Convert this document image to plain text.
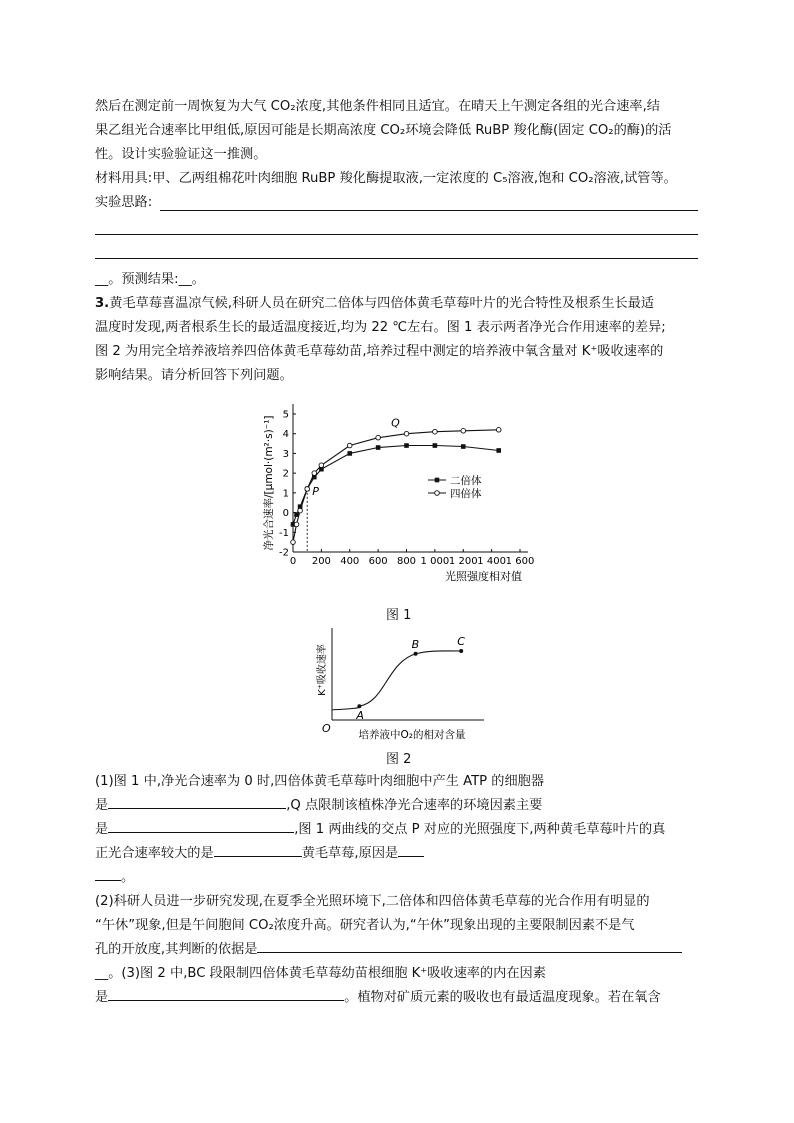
然后在测定前一周恢复为大气 CO₂浓度,其他条件相同且适宜。在晴天上午测定各组的光合速率,结
果乙组光合速率比甲组低,原因可能是长期高浓度 CO₂环境会降低 RuBP 羧化酶(固定 CO₂的酶)的活
性。设计实验验证这一推测。
材料用具:甲、乙两组棉花叶肉细胞 RuBP 羧化酶提取液,一定浓度的 C₅溶液,饱和 CO₂溶液,试管等。
实验思路:
__。预测结果:__。
3.黄毛草莓喜温凉气候,科研人员在研究二倍体与四倍体黄毛草莓叶片的光合特性及根系生长最适
温度时发现,两者根系生长的最适温度接近,均为 22 ℃左右。图 1 表示两者净光合作用速率的差异;
图 2 为用完全培养液培养四倍体黄毛草莓幼苗,培养过程中测定的培养液中氧含量对 K⁺吸收速率的
影响结果。请分析回答下列问题。
-2
-1
0
1
2
3
4
5
0 200 400 600 800 1 000 1 200 1 400 1 600
光照强度相对值
净光合速率/[μmol·(m²·s)⁻¹]	二倍体
四倍体
Q
P
图 1
K⁺吸收速率
培养液中O₂的相对含量
O
A
B	C
图 2
(1)图 1 中,净光合速率为 0 时,四倍体黄毛草莓叶肉细胞中产生 ATP 的细胞器
是	,Q 点限制该植株净光合速率的环境因素主要
是	,图 1 两曲线的交点 P 对应的光照强度下,两种黄毛草莓叶片的真
正光合速率较大的是	黄毛草莓,原因是
。
(2)科研人员进一步研究发现,在夏季全光照环境下,二倍体和四倍体黄毛草莓的光合作用有明显的
“午休”现象,但是午间胞间 CO₂浓度升高。研究者认为,“午休”现象出现的主要限制因素不是气
孔的开放度,其判断的依据是
__。(3)图 2 中,BC 段限制四倍体黄毛草莓幼苗根细胞 K⁺吸收速率的内在因素
是	。植物对矿质元素的吸收也有最适温度现象。若在氧含
